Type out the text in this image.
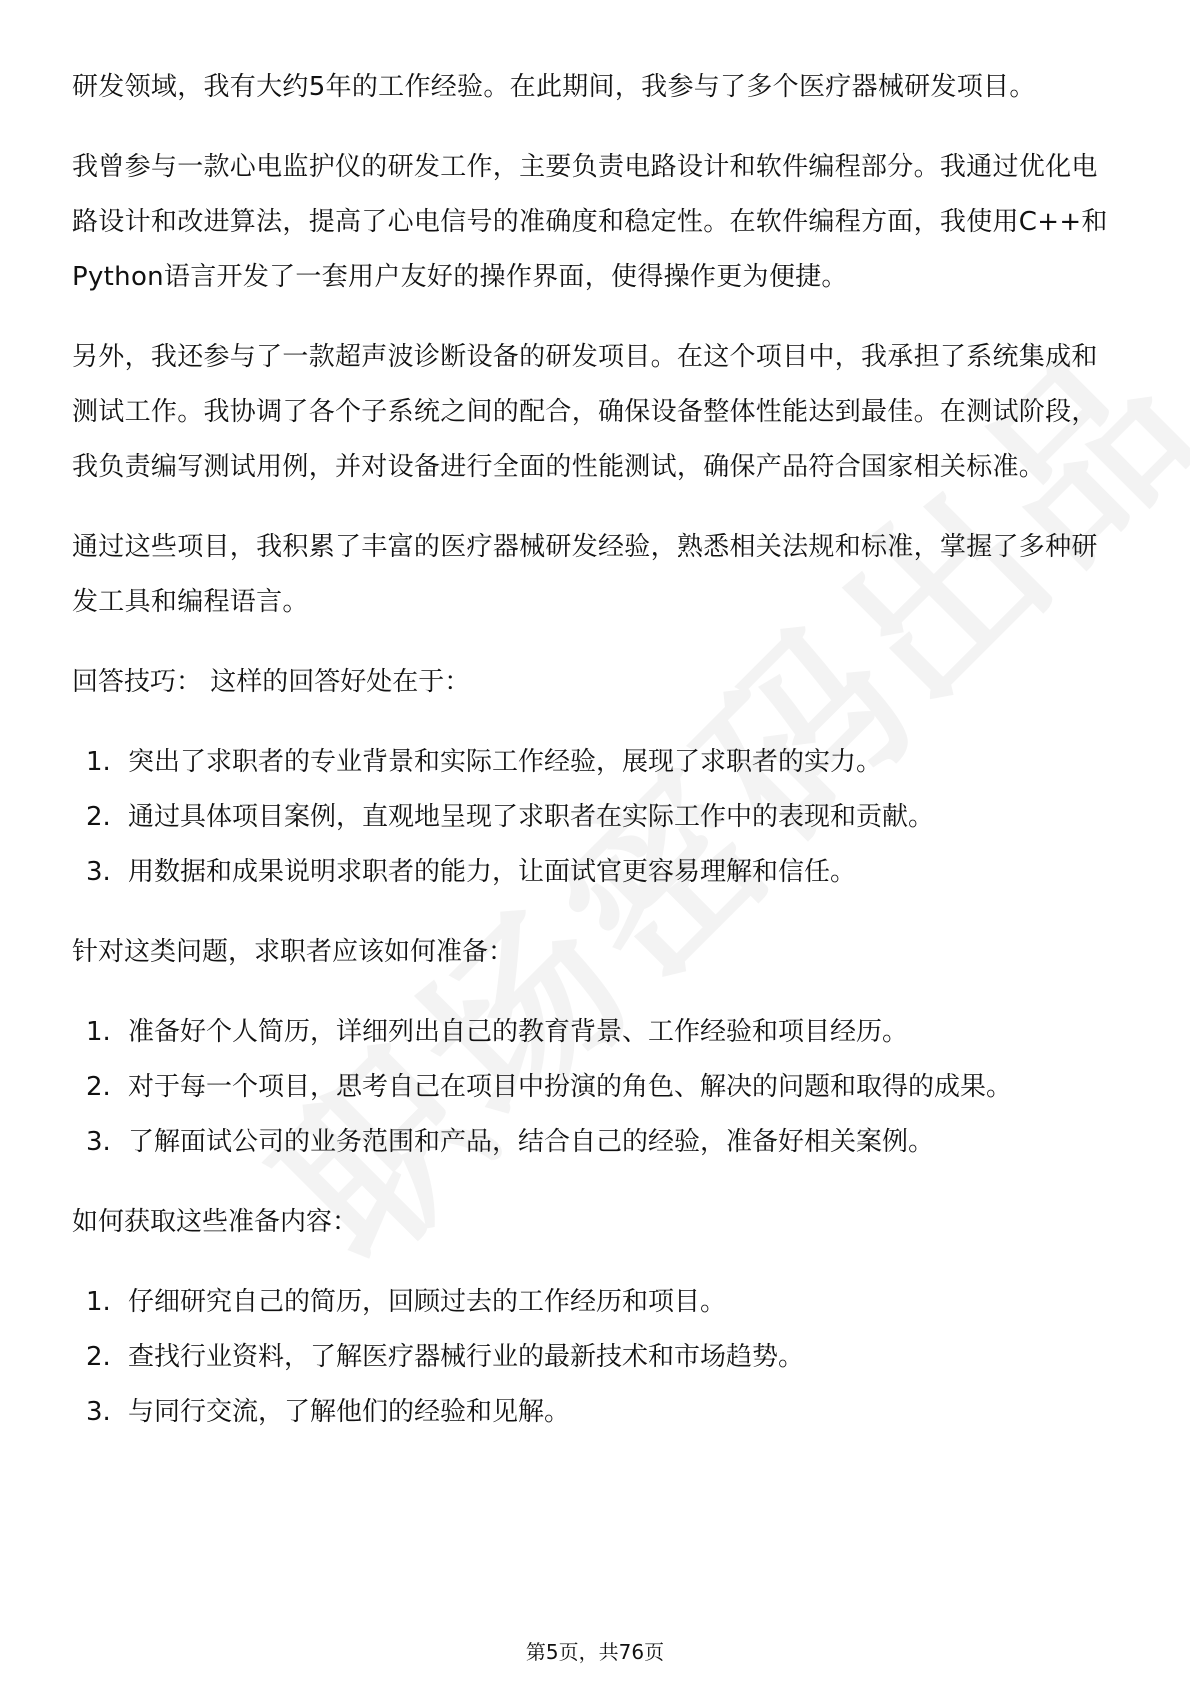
研发领域，我有大约5年的工作经验。在此期间，我参与了多个医疗器械研发项目。

我曾参与一款心电监护仪的研发工作，主要负责电路设计和软件编程部分。我通过优化电路设计和改进算法，提高了心电信号的准确度和稳定性。在软件编程方面，我使用C++和Python语言开发了一套用户友好的操作界面，使得操作更为便捷。

另外，我还参与了一款超声波诊断设备的研发项目。在这个项目中，我承担了系统集成和测试工作。我协调了各个子系统之间的配合，确保设备整体性能达到最佳。在测试阶段，我负责编写测试用例，并对设备进行全面的性能测试，确保产品符合国家相关标准。

通过这些项目，我积累了丰富的医疗器械研发经验，熟悉相关法规和标准，掌握了多种研发工具和编程语言。

回答技巧： 这样的回答好处在于：

1. 突出了求职者的专业背景和实际工作经验，展现了求职者的实力。
2. 通过具体项目案例，直观地呈现了求职者在实际工作中的表现和贡献。
3. 用数据和成果说明求职者的能力，让面试官更容易理解和信任。

针对这类问题，求职者应该如何准备：

1. 准备好个人简历，详细列出自己的教育背景、工作经验和项目经历。
2. 对于每一个项目，思考自己在项目中扮演的角色、解决的问题和取得的成果。
3. 了解面试公司的业务范围和产品，结合自己的经验，准备好相关案例。

如何获取这些准备内容：

1. 仔细研究自己的简历，回顾过去的工作经历和项目。
2. 查找行业资料，了解医疗器械行业的最新技术和市场趋势。
3. 与同行交流，了解他们的经验和见解。
第5页，共76页
